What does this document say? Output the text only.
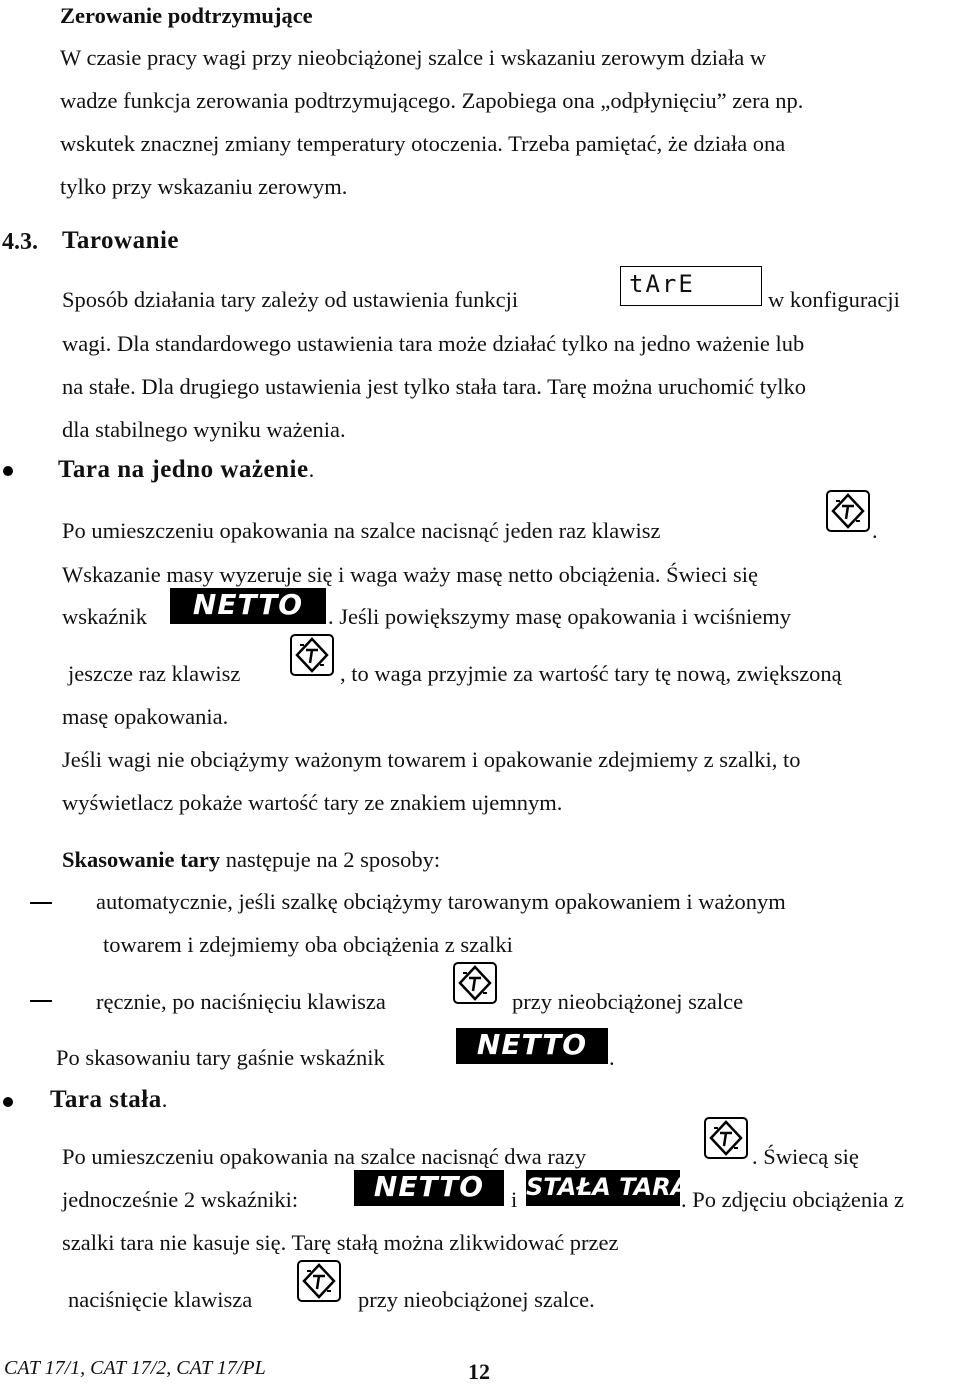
Zerowanie podtrzymujące
W czasie pracy wagi przy nieobciążonej szalce i wskazaniu zerowym działa w
wadze funkcja zerowania podtrzymującego. Zapobiega ona „odpłynięciu” zera np.
wskutek znacznej zmiany temperatury otoczenia. Trzeba pamiętać, że działa ona
tylko przy wskazaniu zerowym.
4.3. Tarowanie
Sposób działania tary zależy od ustawienia funkcji
tArE
w konfiguracji
wagi. Dla standardowego ustawienia tara może działać tylko na jedno ważenie lub
na stałe. Dla drugiego ustawienia jest tylko stała tara. Tarę można uruchomić tylko
dla stabilnego wyniku ważenia.
Tara na jedno ważenie.
Po umieszczeniu opakowania na szalce nacisnąć jeden raz klawisz	.
Wskazanie masy wyzeruje się i waga waży masę netto obciążenia. Świeci się
wskaźnik	NETTO	. Jeśli powiększymy masę opakowania i wciśniemy
jeszcze raz klawisz	, to waga przyjmie za wartość tary tę nową, zwiększoną
masę opakowania.
Jeśli wagi nie obciążymy ważonym towarem i opakowanie zdejmiemy z szalki, to
wyświetlacz pokaże wartość tary ze znakiem ujemnym.
Skasowanie tary następuje na 2 sposoby:
automatycznie, jeśli szalkę obciążymy tarowanym opakowaniem i ważonym
towarem i zdejmiemy oba obciążenia z szalki
ręcznie, po naciśnięciu klawisza	przy nieobciążonej szalce
Po skasowaniu tary gaśnie wskaźnik	NETTO .
Tara stała.
Po umieszczeniu opakowania na szalce nacisnąć dwa razy	. Świecą się
jednocześnie 2 wskaźniki:	NETTO	i STAŁA TARA
. Po zdjęciu obciążenia z
szalki tara nie kasuje się. Tarę stałą można zlikwidować przez
naciśnięcie klawisza	przy nieobciążonej szalce.
CAT 17/1, CAT 17/2, CAT 17/PL	12
